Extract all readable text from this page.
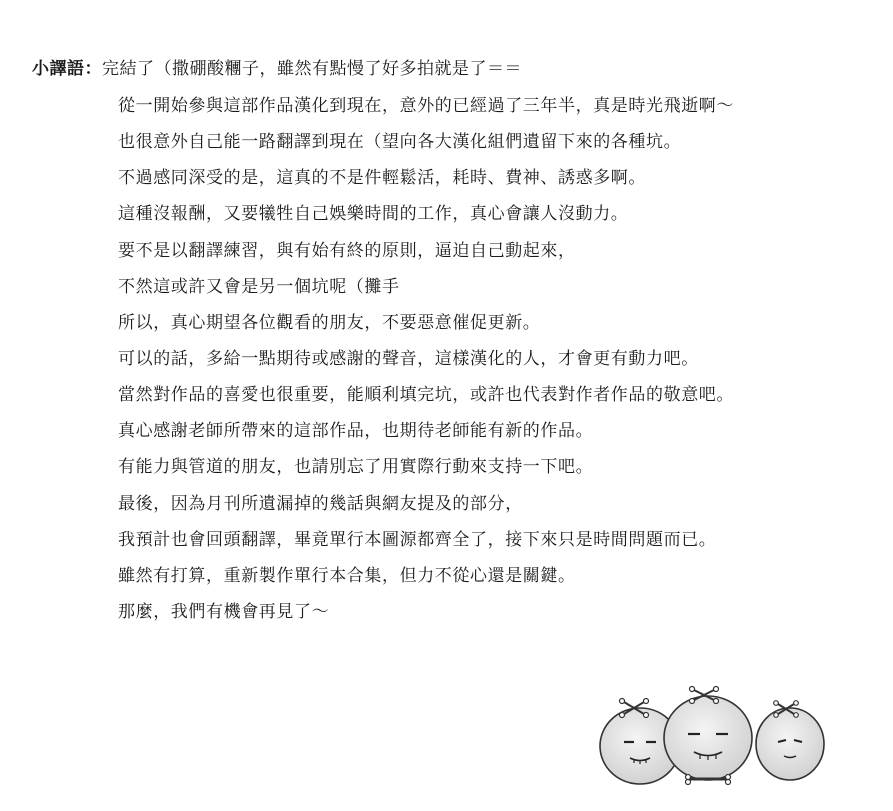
小譯語：完結了（撒硼酸糰子，雖然有點慢了好多拍就是了＝＝
從一開始參與這部作品漢化到現在，意外的已經過了三年半，真是時光飛逝啊～
也很意外自己能一路翻譯到現在（望向各大漢化組們遺留下來的各種坑。
不過感同深受的是，這真的不是件輕鬆活，耗時、費神、誘惑多啊。
這種沒報酬，又要犧牲自己娛樂時間的工作，真心會讓人沒動力。
要不是以翻譯練習，與有始有終的原則，逼迫自己動起來，
不然這或許又會是另一個坑呢（攤手
所以，真心期望各位觀看的朋友，不要惡意催促更新。
可以的話，多給一點期待或感謝的聲音，這樣漢化的人，才會更有動力吧。
當然對作品的喜愛也很重要，能順利填完坑，或許也代表對作者作品的敬意吧。
真心感謝老師所帶來的這部作品，也期待老師能有新的作品。
有能力與管道的朋友，也請別忘了用實際行動來支持一下吧。
最後，因為月刊所遺漏掉的幾話與網友提及的部分，
我預計也會回頭翻譯，畢竟單行本圖源都齊全了，接下來只是時間問題而已。
雖然有打算，重新製作單行本合集，但力不從心還是關鍵。
那麼，我們有機會再見了～
